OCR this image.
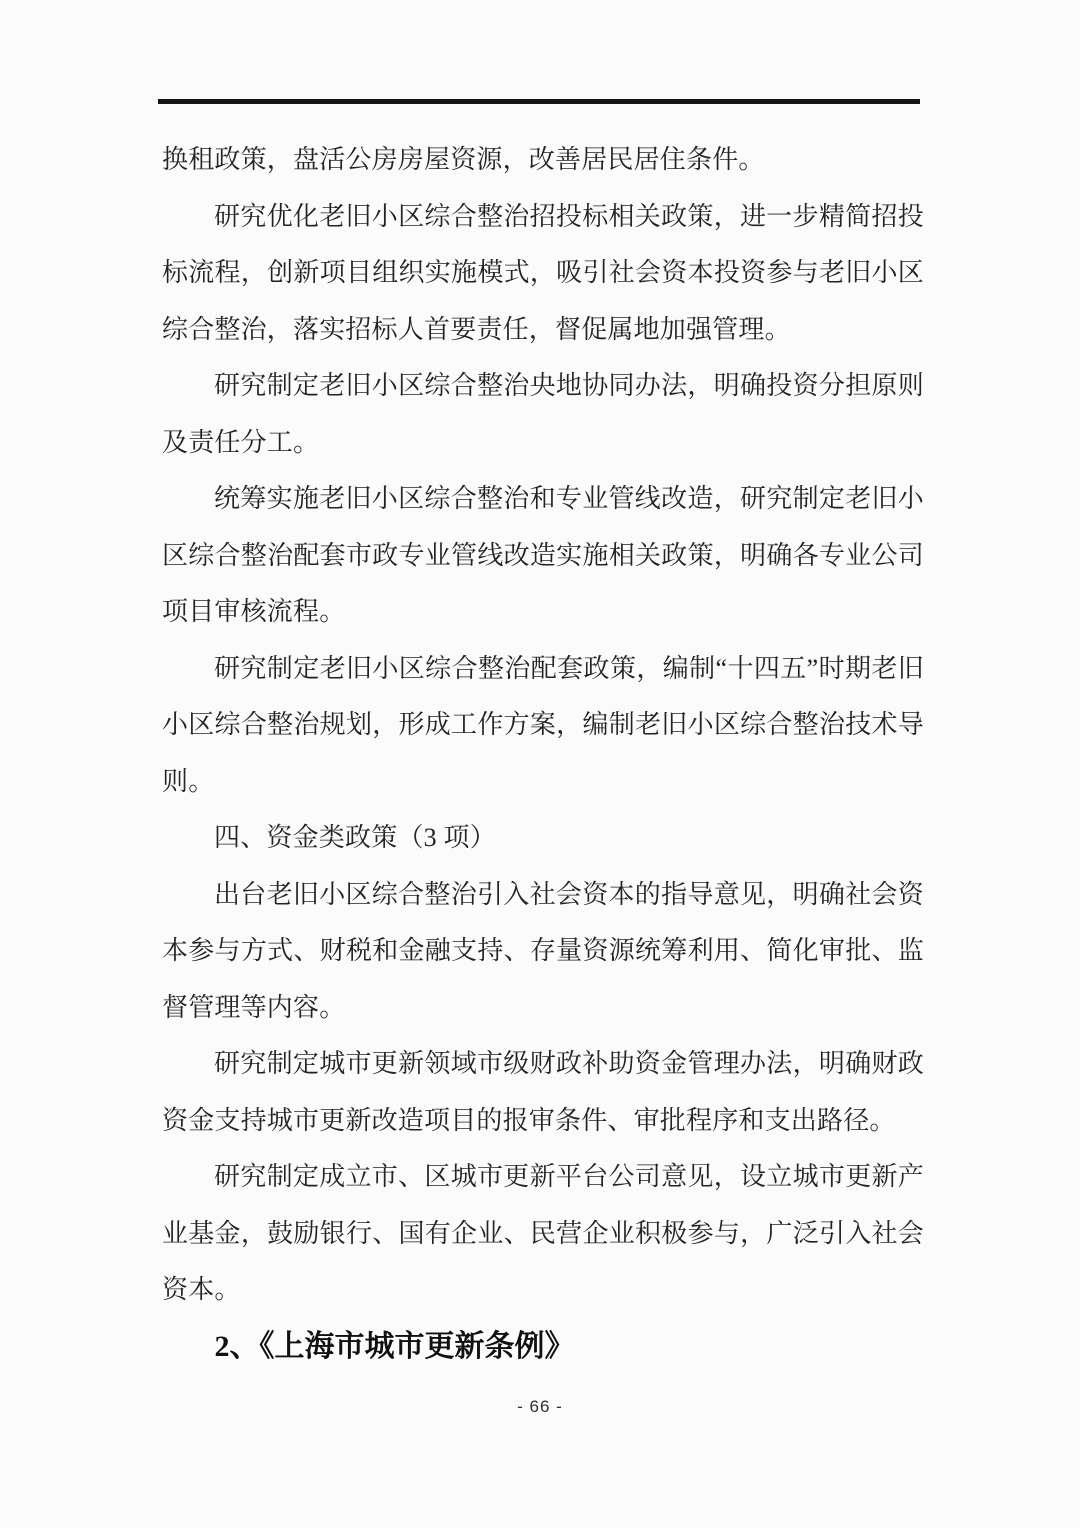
换租政策，盘活公房房屋资源，改善居民居住条件。

研究优化老旧小区综合整治招投标相关政策，进一步精简招投标流程，创新项目组织实施模式，吸引社会资本投资参与老旧小区综合整治，落实招标人首要责任，督促属地加强管理。

研究制定老旧小区综合整治央地协同办法，明确投资分担原则及责任分工。

统筹实施老旧小区综合整治和专业管线改造，研究制定老旧小区综合整治配套市政专业管线改造实施相关政策，明确各专业公司项目审核流程。

研究制定老旧小区综合整治配套政策，编制“十四五”时期老旧小区综合整治规划，形成工作方案，编制老旧小区综合整治技术导则。

四、资金类政策（3 项）

出台老旧小区综合整治引入社会资本的指导意见，明确社会资本参与方式、财税和金融支持、存量资源统筹利用、简化审批、监督管理等内容。

研究制定城市更新领域市级财政补助资金管理办法，明确财政资金支持城市更新改造项目的报审条件、审批程序和支出路径。

研究制定成立市、区城市更新平台公司意见，设立城市更新产业基金，鼓励银行、国有企业、民营企业积极参与，广泛引入社会资本。

2、《上海市城市更新条例》
- 66 -
